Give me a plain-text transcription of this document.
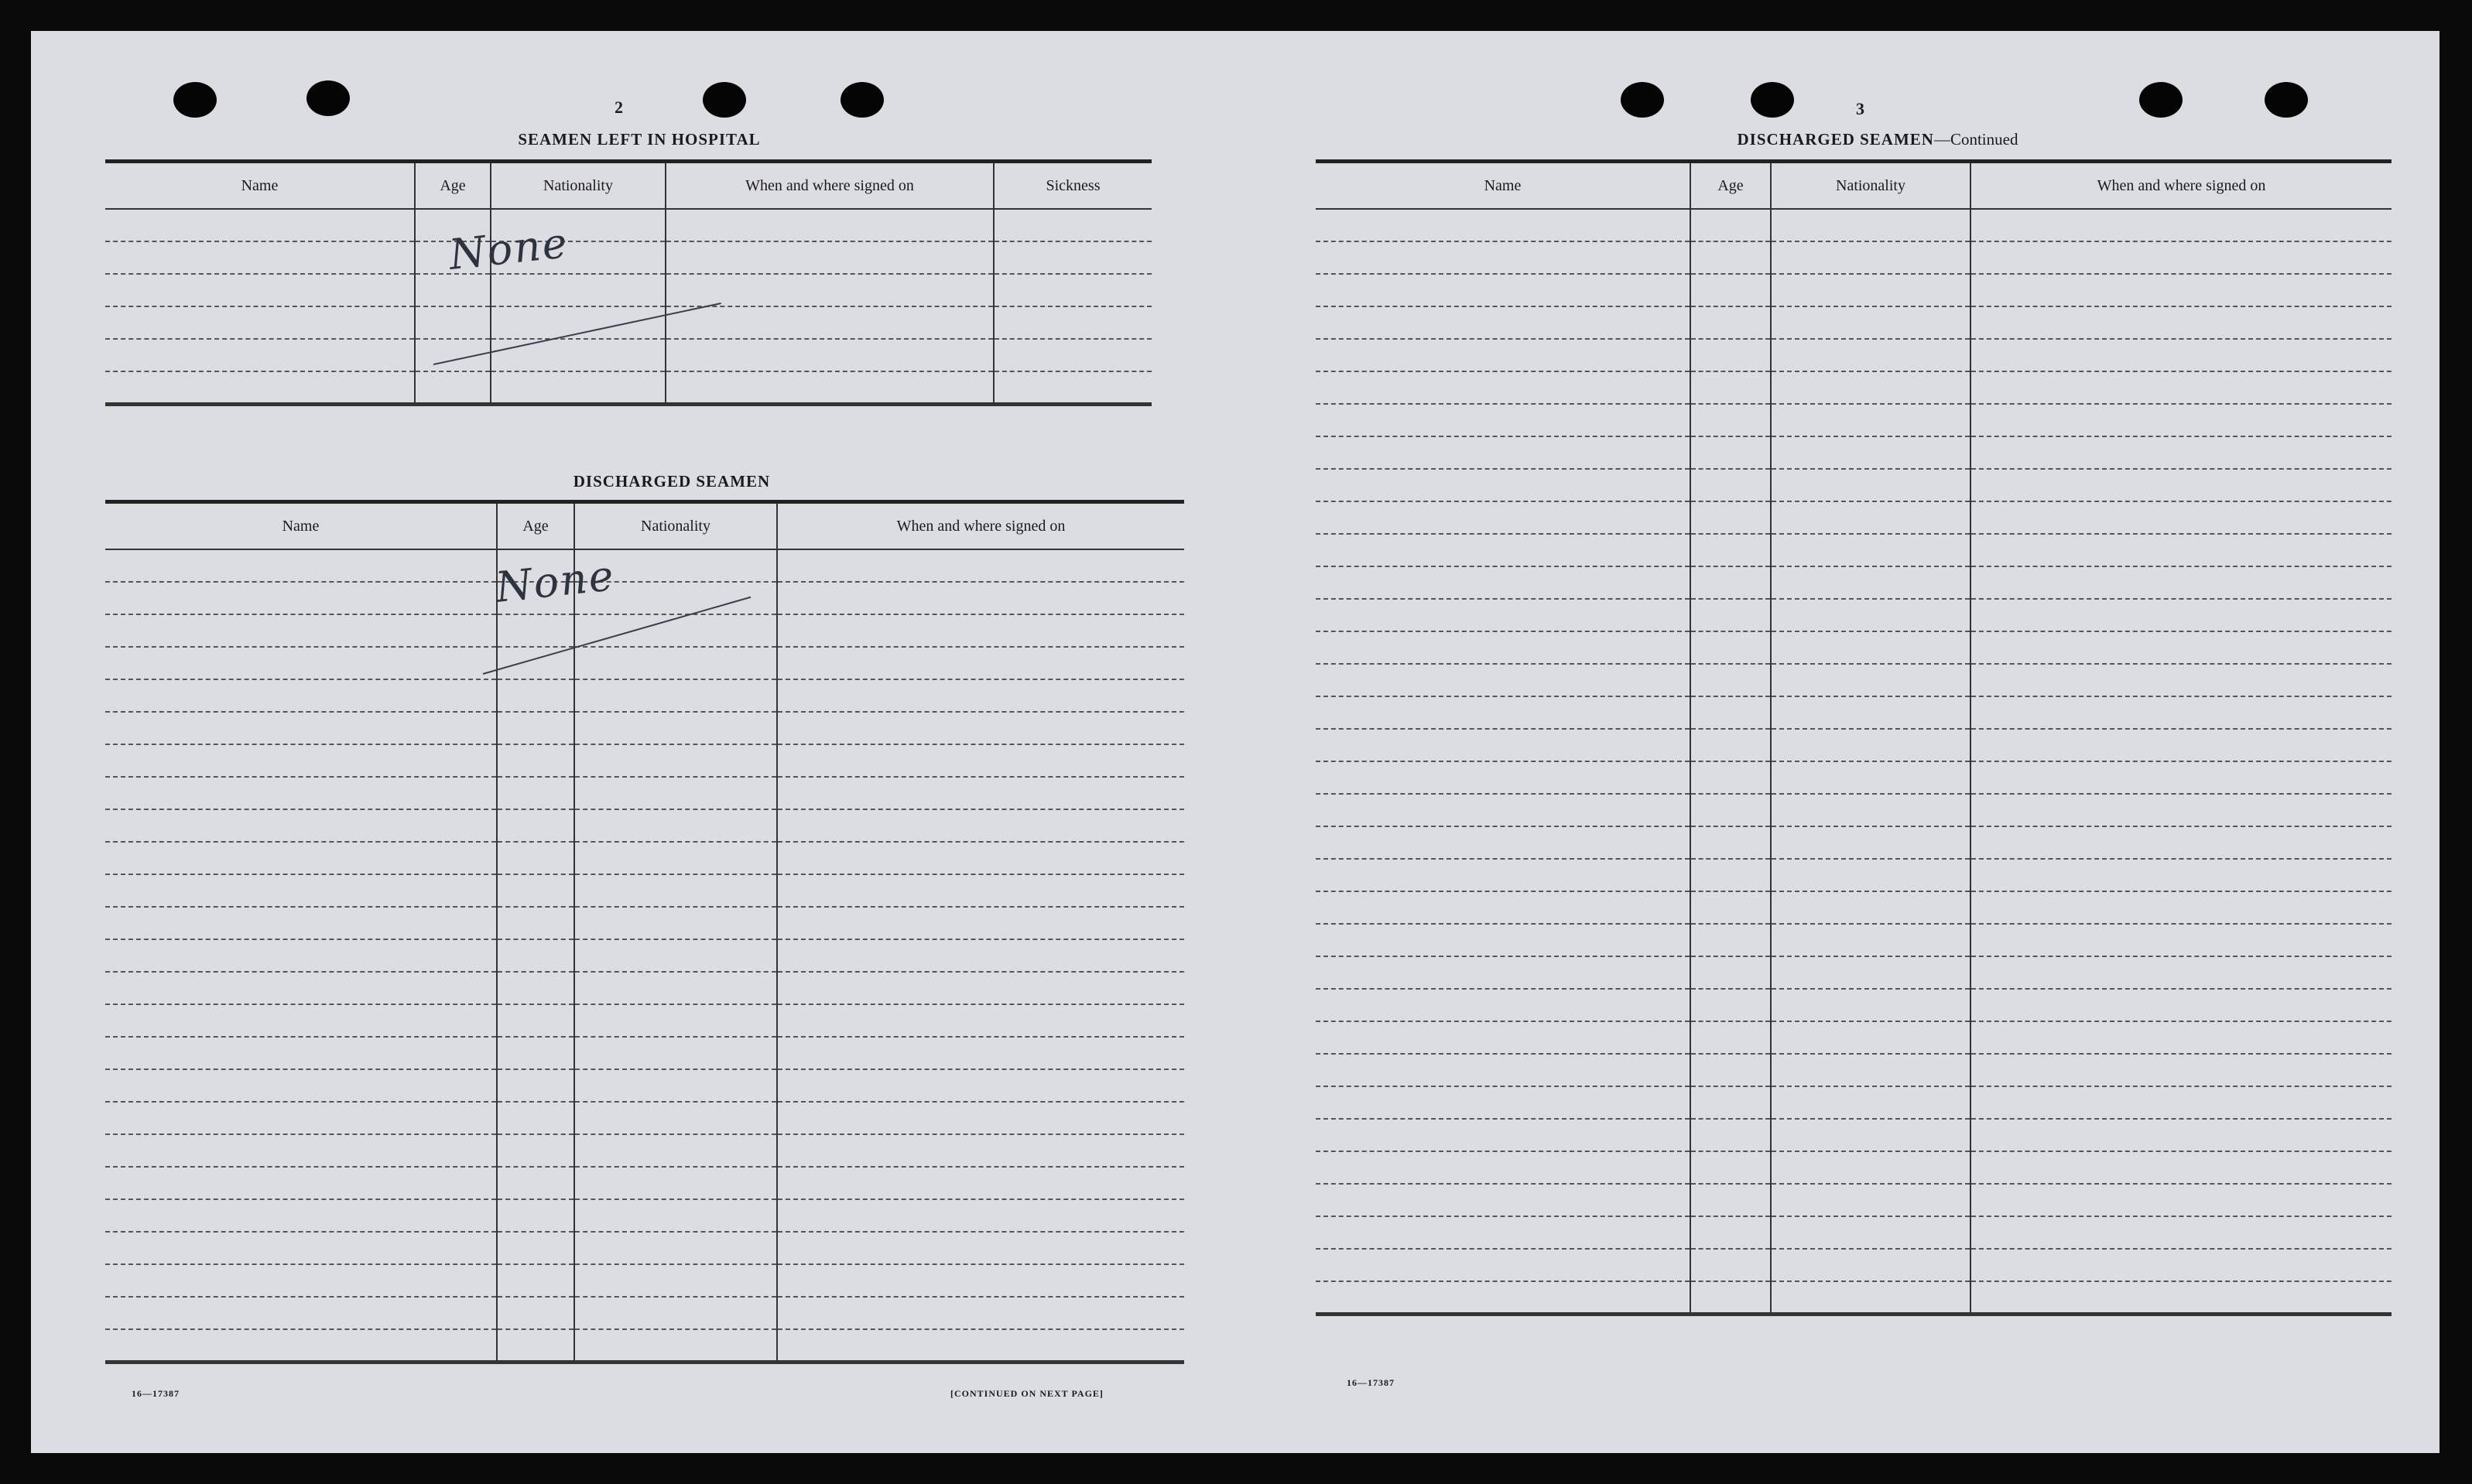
2
SEAMEN LEFT IN HOSPITAL
Name	Age	Nationality	When and where signed on	Sickness

None
DISCHARGED SEAMEN
Name	Age	Nationality	When and where signed on

None
16—17387	[CONTINUED ON NEXT PAGE]
3
DISCHARGED SEAMEN—Continued
Name	Age	Nationality	When and where signed on

16—17387
